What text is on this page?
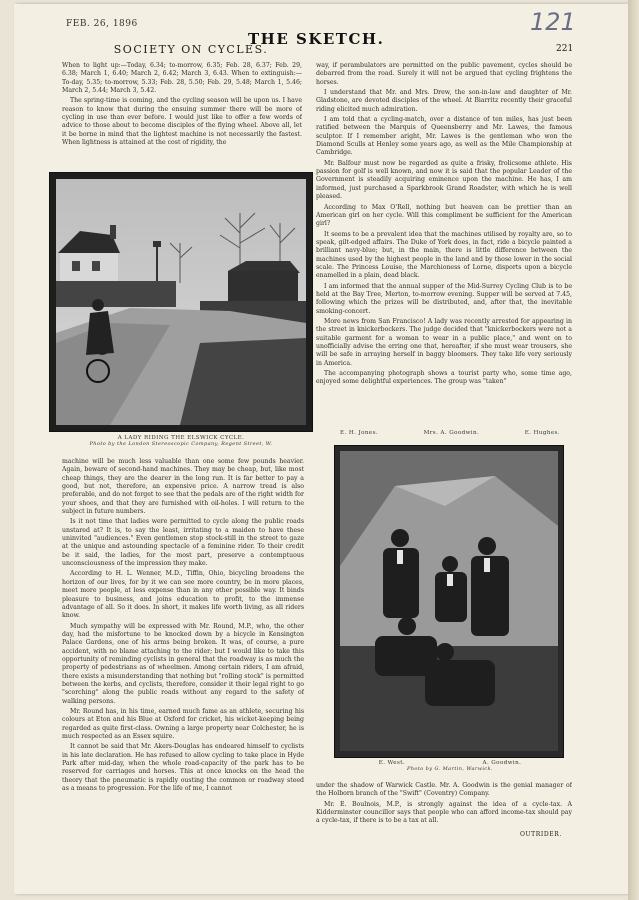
FEB. 26, 1896
THE SKETCH.
221
121
SOCIETY ON CYCLES.

When to light up:—Today, 6.34; to-morrow, 6.35; Feb. 28, 6.37; Feb. 29, 6.38; March 1, 6.40; March 2, 6.42; March 3, 6.43. When to extinguish:—To-day, 5.35; to-morrow, 5.33; Feb. 28, 5.50; Feb. 29, 5.48; March 1, 5.46; March 2, 5.44; March 3, 5.42.

The spring-time is coming, and the cycling season will be upon us. I have reason to know that during the ensuing summer there will be more of cycling in use than ever before. I would just like to offer a few words of advice to those about to become disciples of the flying wheel. Above all, let it be borne in mind that the lightest machine is not necessarily the fastest. When lightness is attained at the cost of rigidity, the

A LADY RIDING THE ELSWICK CYCLE.
Photo by the London Stereoscopic Company, Regent Street, W.

way, if perambulators are permitted on the public pavement, cycles should be debarred from the road. Surely it will not be argued that cycling frightens the horses.

I understand that Mr. and Mrs. Drew, the son-in-law and daughter of Mr. Gladstone, are devoted disciples of the wheel. At Biarritz recently their graceful riding elicited much admiration.

I am told that a cycling-match, over a distance of ten miles, has just been ratified between the Marquis of Queensberry and Mr. Lawes, the famous sculptor. If I remember aright, Mr. Lawes is the gentleman who won the Diamond Sculls at Henley some years ago, as well as the Mile Championship at Cambridge.

Mr. Balfour must now be regarded as quite a frisky, frolicsome athlete. His passion for golf is well known, and now it is said that the popular Leader of the Government is steadily acquiring eminence upon the machine. He has, I am informed, just purchased a Sparkbrook Grand Roadster, with which he is well pleased.

According to Max O'Rell, nothing but heaven can be prettier than an American girl on her cycle. Will this compliment be sufficient for the American girl?

It seems to be a prevalent idea that the machines utilised by royalty are, so to speak, gilt-edged affairs. The Duke of York does, in fact, ride a bicycle painted a brilliant navy-blue; but, in the main, there is little difference between the machines used by the highest people in the land and by those lower in the social scale. The Princess Louise, the Marchioness of Lorne, disports upon a bicycle enamelled in a plain, dead black.

I am informed that the annual supper of the Mid-Surrey Cycling Club is to be held at the Bay Tree, Merton, to-morrow evening. Supper will be served at 7.45, following which the prizes will be distributed, and, after that, the inevitable smoking-concert.

More news from San Francisco! A lady was recently arrested for appearing in the street in knickerbockers. The judge decided that "knickerbockers were not a suitable garment for a woman to wear in a public place," and went on to unofficially advise the erring one that, hereafter, if she must wear trousers, she will be safe in arraying herself in baggy bloomers. They take life very seriously in America.

The accompanying photograph shows a tourist party who, some time ago, enjoyed some delightful experiences. The group was "taken"

E. H. Jones.	Mrs. A. Goodwin.	E. Hughes.
E. West.	A. Goodwin.
Photo by G. Martin, Warwick.

machine will be much less valuable than one some few pounds heavier. Again, beware of second-hand machines. They may be cheap, but, like most cheap things, they are the dearer in the long run. It is far better to pay a good, but not, therefore, an expensive price. A narrow tread is also preferable, and do not forget to see that the pedals are of the right width for your shoes, and that they are furnished with oil-holes. I will return to the subject in future numbers.

Is it not time that ladies were permitted to cycle along the public roads unstared at? It is, to say the least, irritating to a maiden to have these uninvited "audiences." Even gentlemen stop stock-still in the street to gaze at the unique and astounding spectacle of a feminine rider. To their credit be it said, the ladies, for the most part, preserve a contemptuous unconsciousness of the impression they make.

According to H. L. Wenner, M.D., Tiffin, Ohio, bicycling broadens the horizon of our lives, for by it we can see more country, be in more places, meet more people, at less expense than in any other possible way. It binds pleasure to business, and joins education to profit, to the immense advantage of all. So it does. In short, it makes life worth living, as all riders know.

Much sympathy will be expressed with Mr. Round, M.P., who, the other day, had the misfortune to be knocked down by a bicycle in Kensington Palace Gardens, one of his arms being broken. It was, of course, a pure accident, with no blame attaching to the rider; but I would like to take this opportunity of reminding cyclists in general that the roadway is as much the property of pedestrians as of wheelmen. Among certain riders, I am afraid, there exists a misunderstanding that nothing but "rolling stock" is permitted between the kerbs, and cyclists, therefore, consider it their legal right to go "scorching" along the public roads without any regard to the safety of walking persons.

Mr. Round has, in his time, earned much fame as an athlete, securing his colours at Eton and his Blue at Oxford for cricket, his wicket-keeping being regarded as quite first-class. Owning a large property near Colchester, he is much respected as an Essex squire.

It cannot be said that Mr. Akers-Douglas has endeared himself to cyclists in his late declaration. He has refused to allow cycling to take place in Hyde Park after mid-day, when the whole road-capacity of the park has to be reserved for carriages and horses. This at once knocks on the head the theory that the pneumatic is rapidly ousting the common or roadway steed as a means to progression. For the life of me, I cannot	under the shadow of Warwick Castle. Mr. A. Goodwin is the genial manager of the Holborn branch of the "Swift" (Coventry) Company.

Mr. E. Boulnois, M.P., is strongly against the idea of a cycle-tax. A Kidderminster councillor says that people who can afford income-tax should pay a cycle-tax, if there is to be a tax at all.

OUTRIDER.
